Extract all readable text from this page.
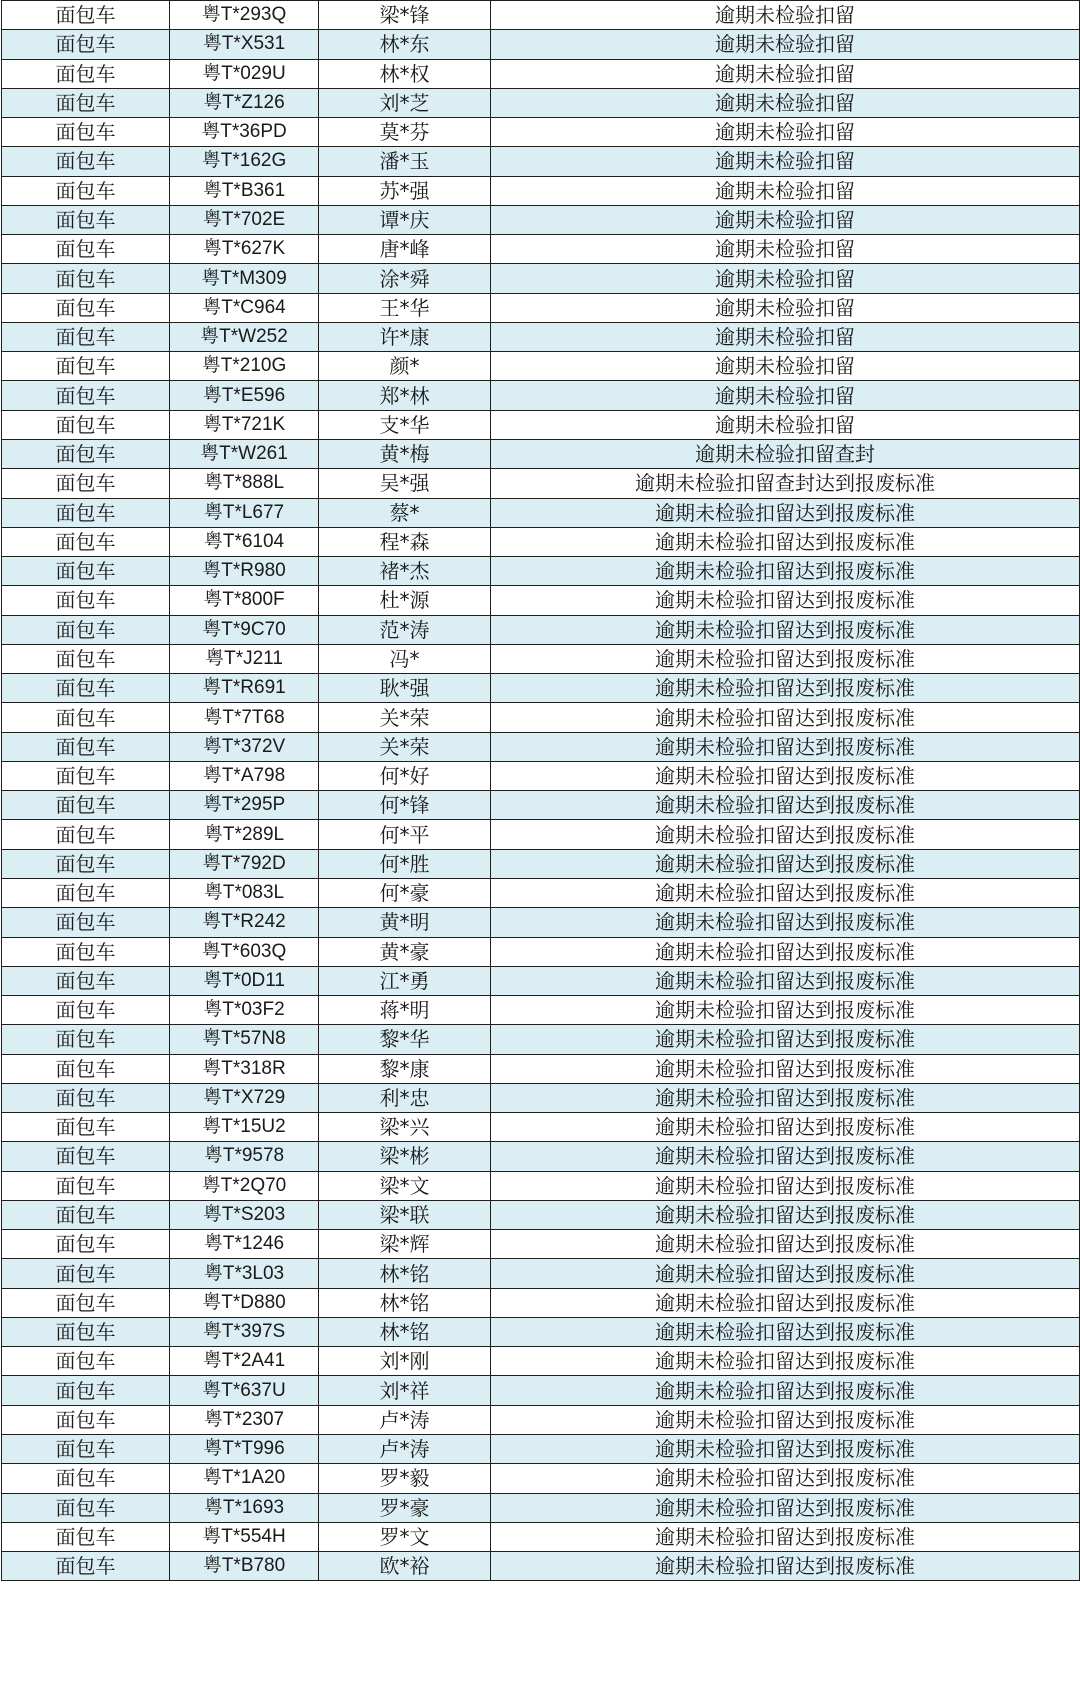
面包车	粤T*293Q	梁*锋	逾期未检验扣留
面包车	粤T*X531	林*东	逾期未检验扣留
面包车	粤T*029U	林*权	逾期未检验扣留
面包车	粤T*Z126	刘*芝	逾期未检验扣留
面包车	粤T*36PD	莫*芬	逾期未检验扣留
面包车	粤T*162G	潘*玉	逾期未检验扣留
面包车	粤T*B361	苏*强	逾期未检验扣留
面包车	粤T*702E	谭*庆	逾期未检验扣留
面包车	粤T*627K	唐*峰	逾期未检验扣留
面包车	粤T*M309	涂*舜	逾期未检验扣留
面包车	粤T*C964	王*华	逾期未检验扣留
面包车	粤T*W252	许*康	逾期未检验扣留
面包车	粤T*210G	颜*	逾期未检验扣留
面包车	粤T*E596	郑*林	逾期未检验扣留
面包车	粤T*721K	支*华	逾期未检验扣留
面包车	粤T*W261	黄*梅	逾期未检验扣留查封
面包车	粤T*888L	吴*强	逾期未检验扣留查封达到报废标准
面包车	粤T*L677	蔡*	逾期未检验扣留达到报废标准
面包车	粤T*6104	程*森	逾期未检验扣留达到报废标准
面包车	粤T*R980	褚*杰	逾期未检验扣留达到报废标准
面包车	粤T*800F	杜*源	逾期未检验扣留达到报废标准
面包车	粤T*9C70	范*涛	逾期未检验扣留达到报废标准
面包车	粤T*J211	冯*	逾期未检验扣留达到报废标准
面包车	粤T*R691	耿*强	逾期未检验扣留达到报废标准
面包车	粤T*7T68	关*荣	逾期未检验扣留达到报废标准
面包车	粤T*372V	关*荣	逾期未检验扣留达到报废标准
面包车	粤T*A798	何*好	逾期未检验扣留达到报废标准
面包车	粤T*295P	何*锋	逾期未检验扣留达到报废标准
面包车	粤T*289L	何*平	逾期未检验扣留达到报废标准
面包车	粤T*792D	何*胜	逾期未检验扣留达到报废标准
面包车	粤T*083L	何*豪	逾期未检验扣留达到报废标准
面包车	粤T*R242	黄*明	逾期未检验扣留达到报废标准
面包车	粤T*603Q	黄*豪	逾期未检验扣留达到报废标准
面包车	粤T*0D11	江*勇	逾期未检验扣留达到报废标准
面包车	粤T*03F2	蒋*明	逾期未检验扣留达到报废标准
面包车	粤T*57N8	黎*华	逾期未检验扣留达到报废标准
面包车	粤T*318R	黎*康	逾期未检验扣留达到报废标准
面包车	粤T*X729	利*忠	逾期未检验扣留达到报废标准
面包车	粤T*15U2	梁*兴	逾期未检验扣留达到报废标准
面包车	粤T*9578	梁*彬	逾期未检验扣留达到报废标准
面包车	粤T*2Q70	梁*文	逾期未检验扣留达到报废标准
面包车	粤T*S203	梁*联	逾期未检验扣留达到报废标准
面包车	粤T*1246	梁*辉	逾期未检验扣留达到报废标准
面包车	粤T*3L03	林*铭	逾期未检验扣留达到报废标准
面包车	粤T*D880	林*铭	逾期未检验扣留达到报废标准
面包车	粤T*397S	林*铭	逾期未检验扣留达到报废标准
面包车	粤T*2A41	刘*刚	逾期未检验扣留达到报废标准
面包车	粤T*637U	刘*祥	逾期未检验扣留达到报废标准
面包车	粤T*2307	卢*涛	逾期未检验扣留达到报废标准
面包车	粤T*T996	卢*涛	逾期未检验扣留达到报废标准
面包车	粤T*1A20	罗*毅	逾期未检验扣留达到报废标准
面包车	粤T*1693	罗*豪	逾期未检验扣留达到报废标准
面包车	粤T*554H	罗*文	逾期未检验扣留达到报废标准
面包车	粤T*B780	欧*裕	逾期未检验扣留达到报废标准
